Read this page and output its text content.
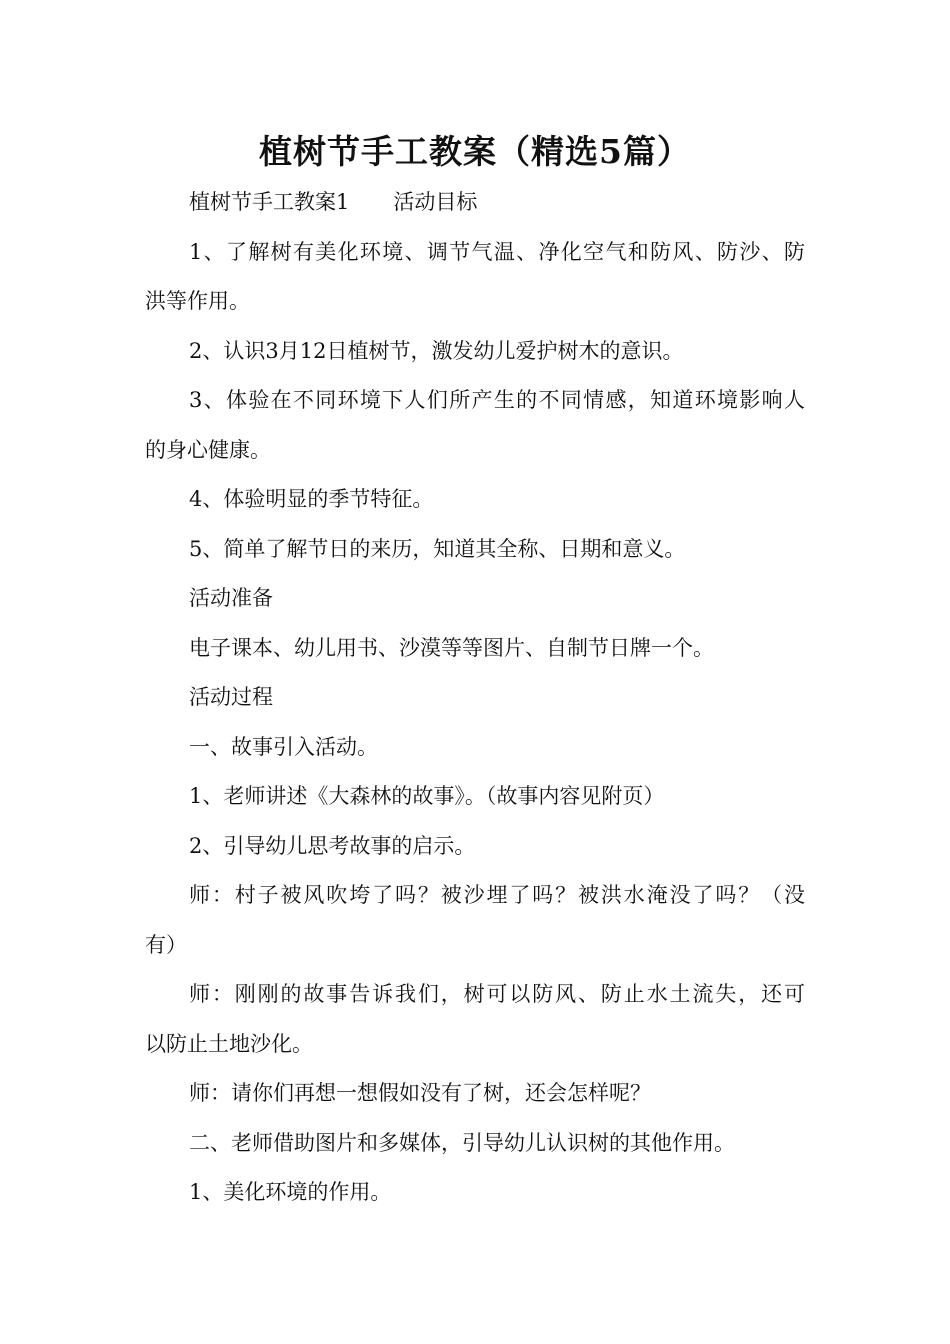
植树节手工教案（精选5篇）
植树节手工教案1 活动目标
1、了解树有美化环境、调节气温、净化空气和防风、防沙、防
洪等作用。
2、认识3月12日植树节，激发幼儿爱护树木的意识。
3、体验在不同环境下人们所产生的不同情感，知道环境影响人
的身心健康。
4、体验明显的季节特征。
5、简单了解节日的来历，知道其全称、日期和意义。
活动准备
电子课本、幼儿用书、沙漠等等图片、自制节日牌一个。
活动过程
一、故事引入活动。
1、老师讲述《大森林的故事》。（故事内容见附页）
2、引导幼儿思考故事的启示。
师：村子被风吹垮了吗？被沙埋了吗？被洪水淹没了吗？（没
有）
师：刚刚的故事告诉我们，树可以防风、防止水土流失，还可
以防止土地沙化。
师：请你们再想一想假如没有了树，还会怎样呢？
二、老师借助图片和多媒体，引导幼儿认识树的其他作用。
1、美化环境的作用。
